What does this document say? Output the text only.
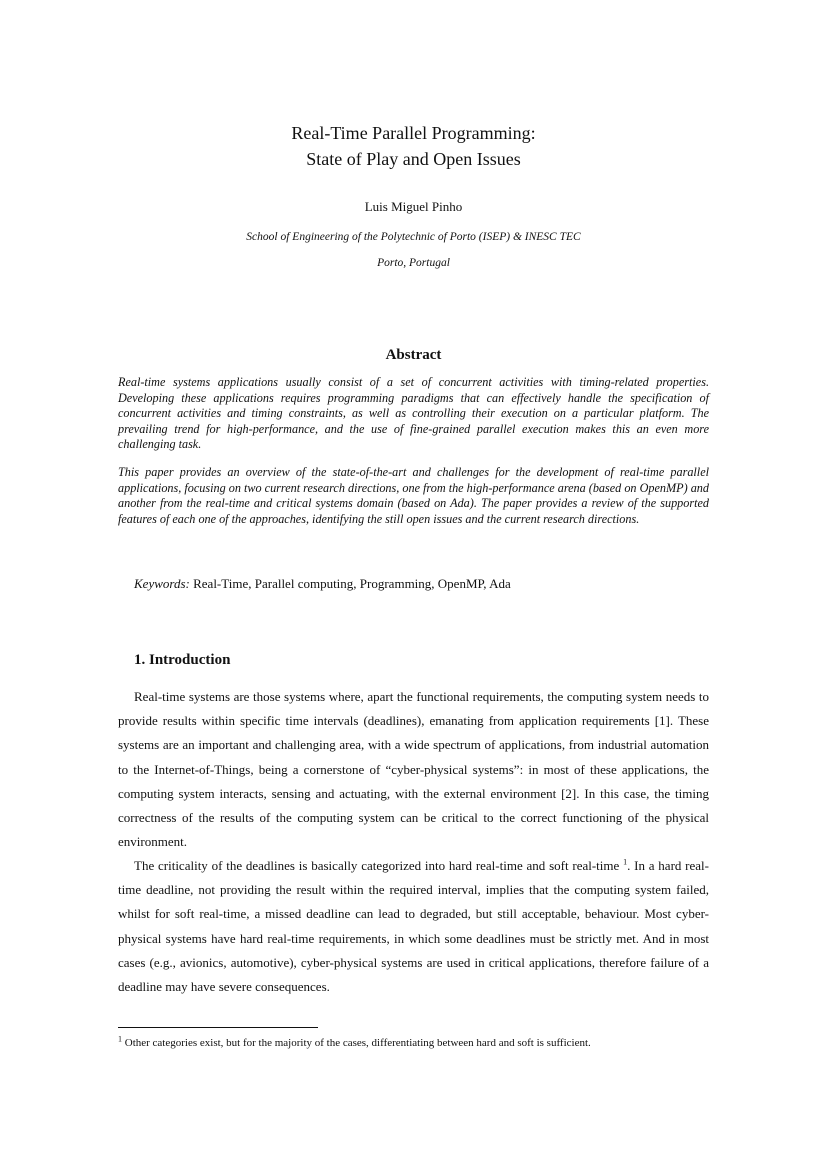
Real-Time Parallel Programming:
State of Play and Open Issues
Luis Miguel Pinho
School of Engineering of the Polytechnic of Porto (ISEP) & INESC TEC
Porto, Portugal
Abstract

Real-time systems applications usually consist of a set of concurrent activities with timing-related properties. Developing these applications requires programming paradigms that can effectively handle the specification of concurrent activities and timing constraints, as well as controlling their execution on a particular platform. The prevailing trend for high-performance, and the use of fine-grained parallel execution makes this an even more challenging task.

This paper provides an overview of the state-of-the-art and challenges for the development of real-time parallel applications, focusing on two current research directions, one from the high-performance arena (based on OpenMP) and another from the real-time and critical systems domain (based on Ada). The paper provides a review of the supported features of each one of the approaches, identifying the still open issues and the current research directions.

Keywords: Real-Time, Parallel computing, Programming, OpenMP, Ada
1. Introduction

Real-time systems are those systems where, apart the functional requirements, the computing system needs to provide results within specific time intervals (deadlines), emanating from application requirements [1]. These systems are an important and challenging area, with a wide spectrum of applications, from industrial automation to the Internet-of-Things, being a cornerstone of “cyber-physical systems”: in most of these applications, the computing system interacts, sensing and actuating, with the external environment [2]. In this case, the timing correctness of the results of the computing system can be critical to the correct functioning of the physical environment.

The criticality of the deadlines is basically categorized into hard real-time and soft real-time $^1$. In a hard real-time deadline, not providing the result within the required interval, implies that the computing system failed, whilst for soft real-time, a missed deadline can lead to degraded, but still acceptable, behaviour. Most cyber-physical systems have hard real-time requirements, in which some deadlines must be strictly met. And in most cases (e.g., avionics, automotive), cyber-physical systems are used in critical applications, therefore failure of a deadline may have severe consequences.

$^1$ Other categories exist, but for the majority of the cases, differentiating between hard and soft is sufficient.
